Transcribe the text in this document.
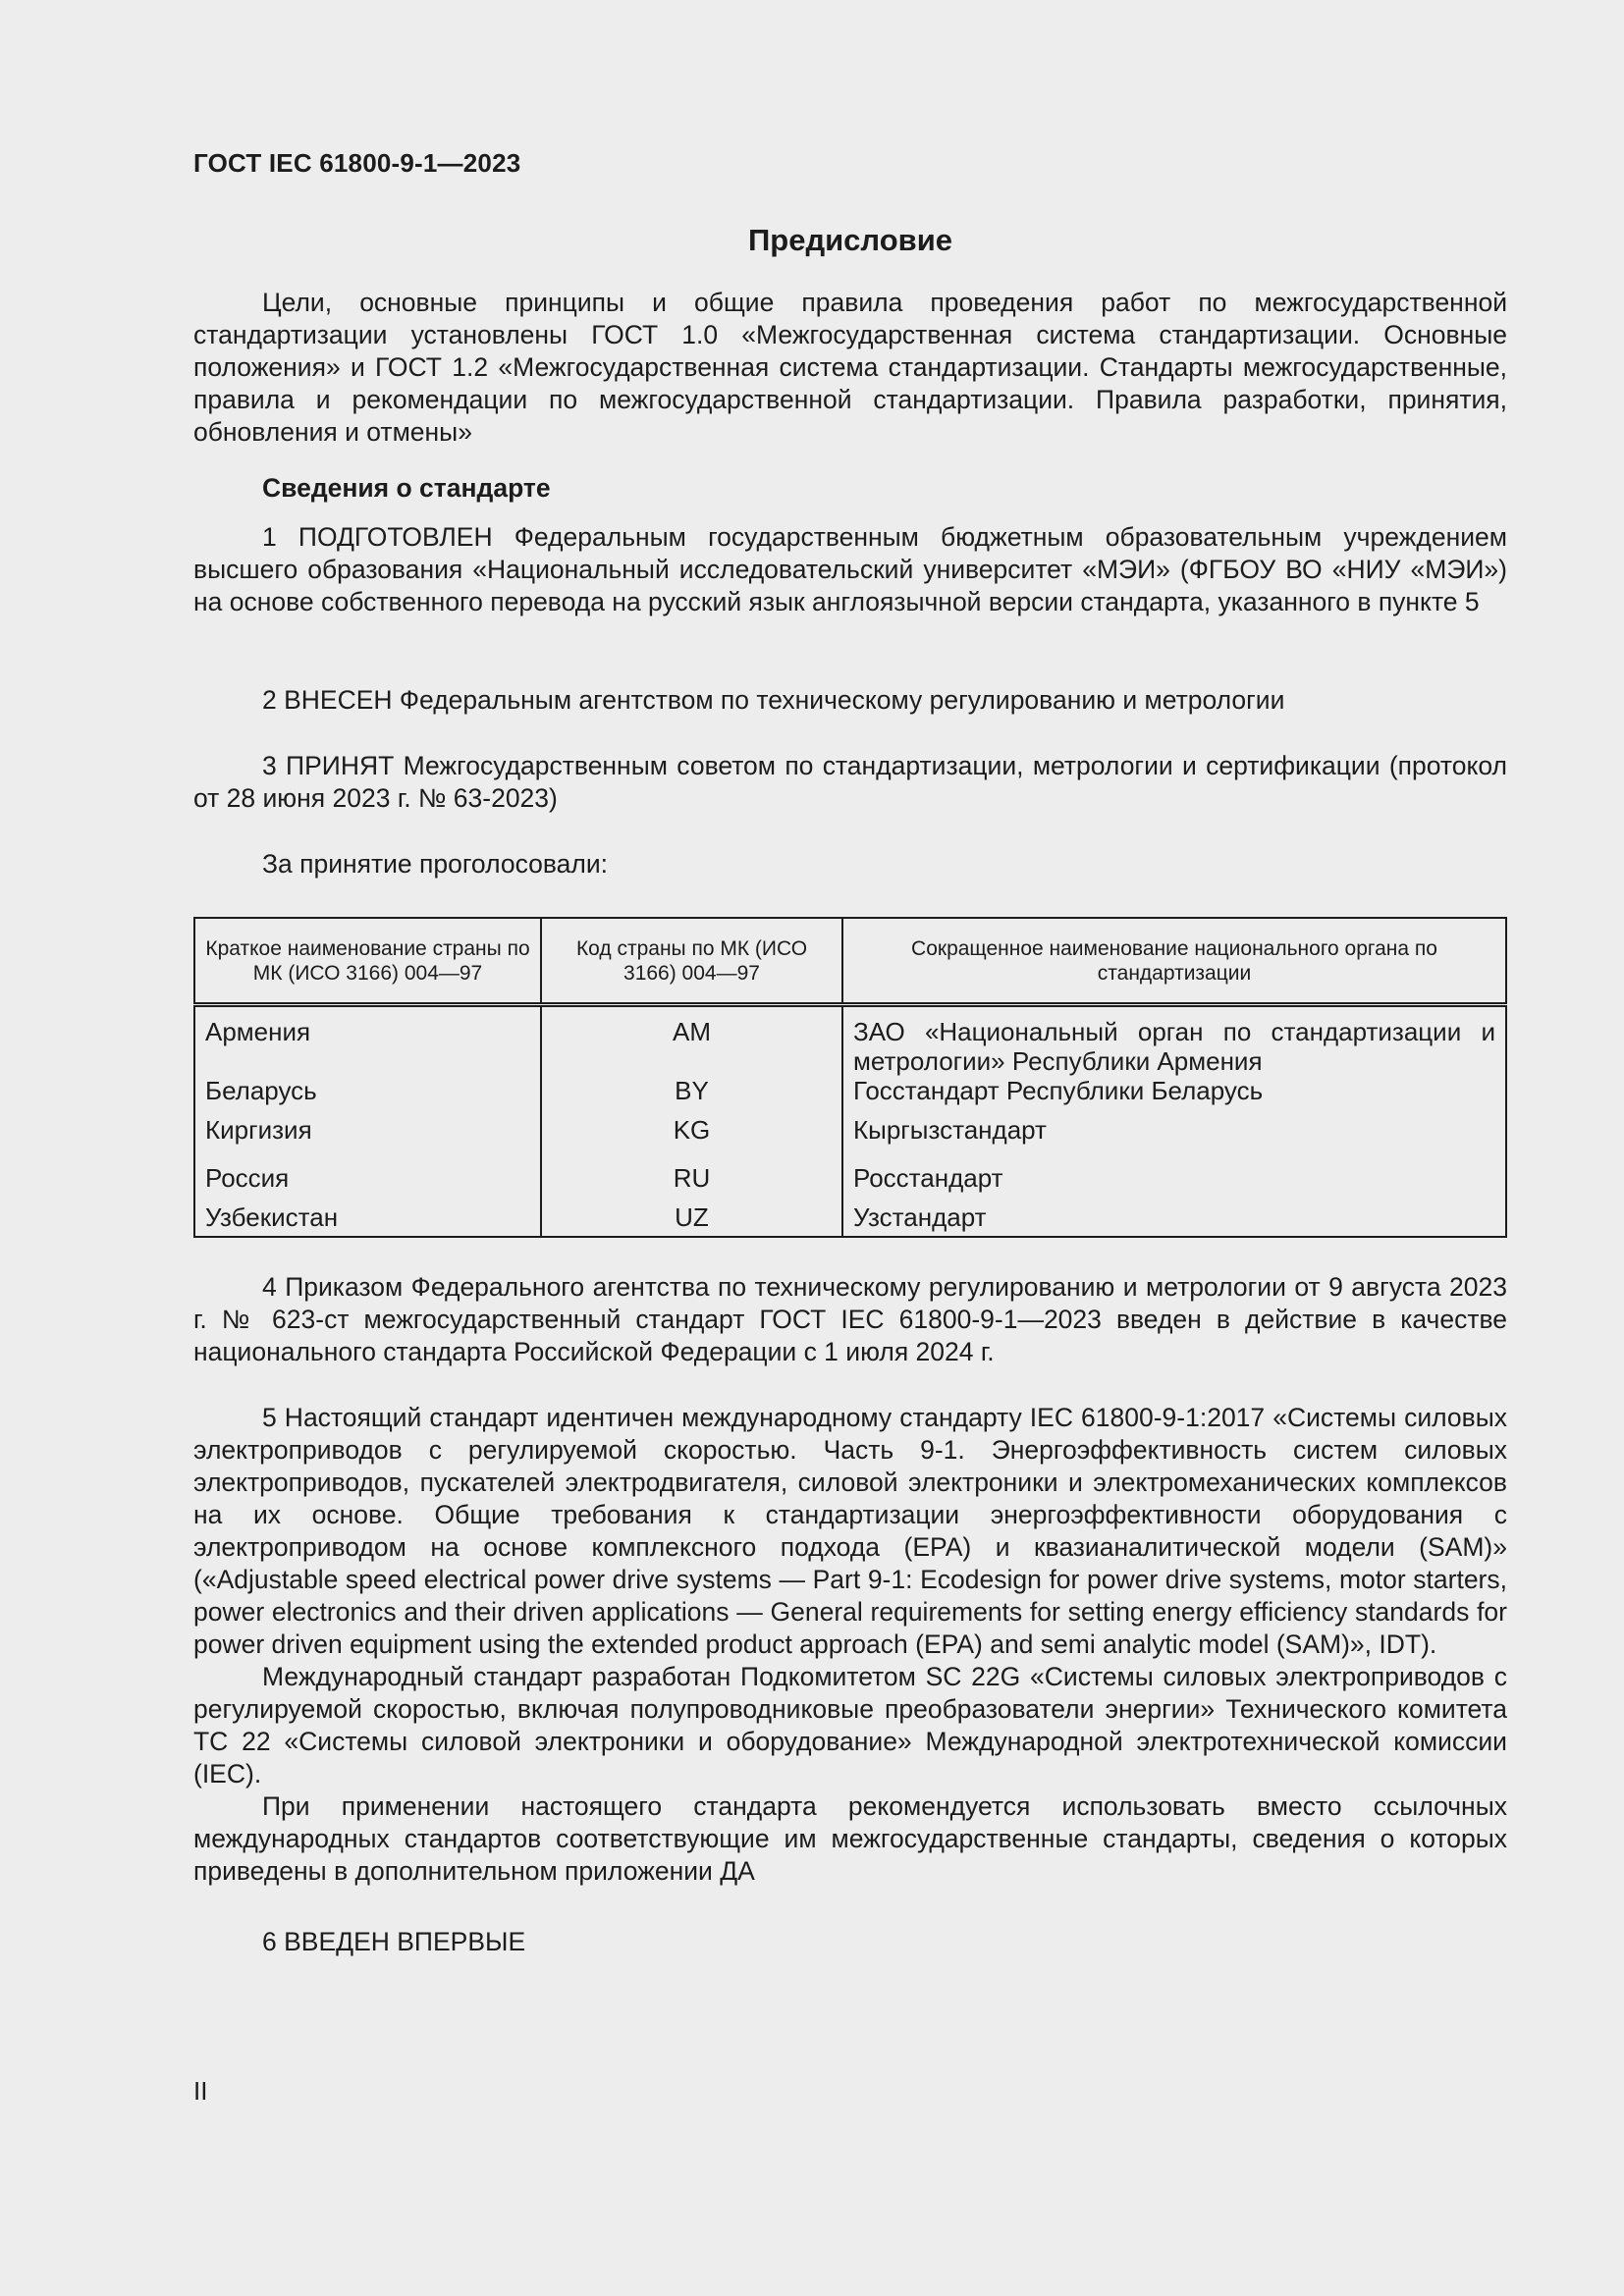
ГОСТ IEC 61800-9-1—2023
Предисловие
Цели, основные принципы и общие правила проведения работ по межгосударственной стандартизации установлены ГОСТ 1.0 «Межгосударственная система стандартизации. Основные положения» и ГОСТ 1.2 «Межгосударственная система стандартизации. Стандарты межгосударственные, правила и рекомендации по межгосударственной стандартизации. Правила разработки, принятия, обновления и отмены»
Сведения о стандарте
1 ПОДГОТОВЛЕН Федеральным государственным бюджетным образовательным учреждением высшего образования «Национальный исследовательский университет «МЭИ» (ФГБОУ ВО «НИУ «МЭИ») на основе собственного перевода на русский язык англоязычной версии стандарта, указанного в пункте 5
2 ВНЕСЕН Федеральным агентством по техническому регулированию и метрологии
3 ПРИНЯТ Межгосударственным советом по стандартизации, метрологии и сертификации (протокол от 28 июня 2023 г. № 63-2023)
За принятие проголосовали:
Краткое наименование страны по МК (ИСО 3166) 004—97	Код страны по МК (ИСО 3166) 004—97	Сокращенное наименование национального органа по стандартизации
Армения	AM	ЗАО «Национальный орган по стандартизации и метрологии» Республики Армения
Беларусь	BY	Госстандарт Республики Беларусь
Киргизия	KG	Кыргызстандарт
Россия	RU	Росстандарт
Узбекистан	UZ	Узстандарт
4 Приказом Федерального агентства по техническому регулированию и метрологии от 9 августа 2023 г. № 623-ст межгосударственный стандарт ГОСТ IEC 61800-9-1—2023 введен в действие в качестве национального стандарта Российской Федерации с 1 июля 2024 г.

5 Настоящий стандарт идентичен международному стандарту IEC 61800-9-1:2017 «Системы силовых электроприводов с регулируемой скоростью. Часть 9-1. Энергоэффективность систем силовых электроприводов, пускателей электродвигателя, силовой электроники и электромеханических комплексов на их основе. Общие требования к стандартизации энергоэффективности оборудования с электроприводом на основе комплексного подхода (EPA) и квазианалитической модели (SAM)» («Adjustable speed electrical power drive systems — Part 9-1: Ecodesign for power drive systems, motor starters, power electronics and their driven applications — General requirements for setting energy efficiency standards for power driven equipment using the extended product approach (EPA) and semi analytic model (SAM)», IDT).

Международный стандарт разработан Подкомитетом SC 22G «Системы силовых электроприводов с регулируемой скоростью, включая полупроводниковые преобразователи энергии» Технического комитета TC 22 «Системы силовой электроники и оборудование» Международной электротехнической комиссии (IEC).

При применении настоящего стандарта рекомендуется использовать вместо ссылочных международных стандартов соответствующие им межгосударственные стандарты, сведения о которых приведены в дополнительном приложении ДА

6 ВВЕДЕН ВПЕРВЫЕ
II
